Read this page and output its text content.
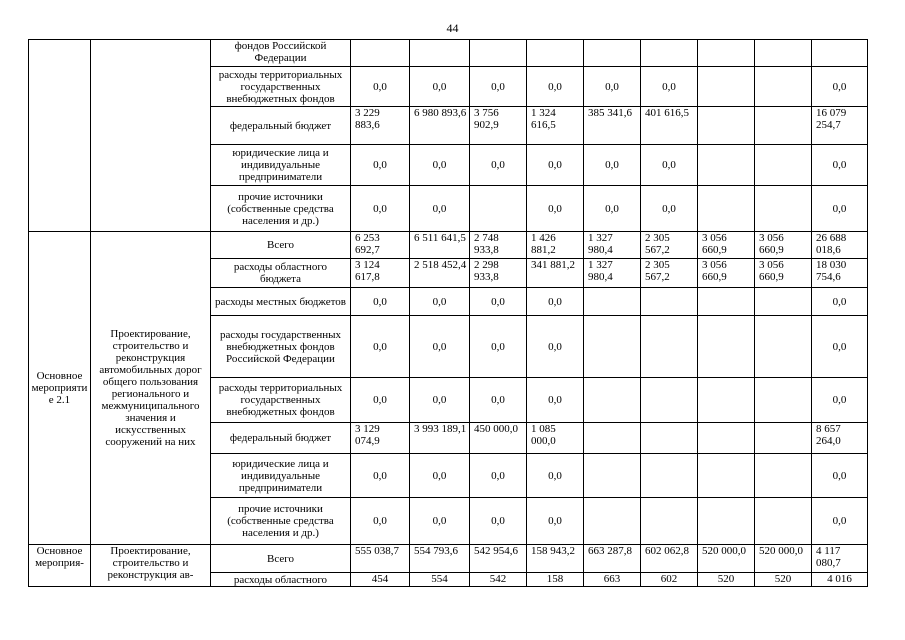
44
		фондов Российской Федерации									
		расходы территориальных государственных внебюджетных фондов	0,0	0,0	0,0	0,0	0,0	0,0			0,0
		федеральный бюджет	3 229 883,6	6 980 893,6	3 756 902,9	1 324 616,5	385 341,6	401 616,5			16 079 254,7
		юридические лица и индивидуальные предприниматели	0,0	0,0	0,0	0,0	0,0	0,0			0,0
		прочие источники (собственные средства населения и др.)	0,0	0,0		0,0	0,0	0,0			0,0
Основное мероприятие 2.1	Проектирование, строительство и реконструкция автомобильных дорог общего пользования регионального и межмуниципального значения и искусственных сооружений на них	Всего	6 253 692,7	6 511 641,5	2 748 933,8	1 426 881,2	1 327 980,4	2 305 567,2	3 056 660,9	3 056 660,9	26 688 018,6
		расходы областного бюджета	3 124 617,8	2 518 452,4	2 298 933,8	341 881,2	1 327 980,4	2 305 567,2	3 056 660,9	3 056 660,9	18 030 754,6
		расходы местных бюджетов	0,0	0,0	0,0	0,0					0,0
		расходы государственных внебюджетных фондов Российской Федерации	0,0	0,0	0,0	0,0					0,0
		расходы территориальных государственных внебюджетных фондов	0,0	0,0	0,0	0,0					0,0
		федеральный бюджет	3 129 074,9	3 993 189,1	450 000,0	1 085 000,0					8 657 264,0
		юридические лица и индивидуальные предприниматели	0,0	0,0	0,0	0,0					0,0
		прочие источники (собственные средства населения и др.)	0,0	0,0	0,0	0,0					0,0
Основное мероприя-	Проектирование, строительство и реконструкция ав-	Всего	555 038,7	554 793,6	542 954,6	158 943,2	663 287,8	602 062,8	520 000,0	520 000,0	4 117 080,7
		расходы областного	454	554	542	158	663	602	520	520	4 016
